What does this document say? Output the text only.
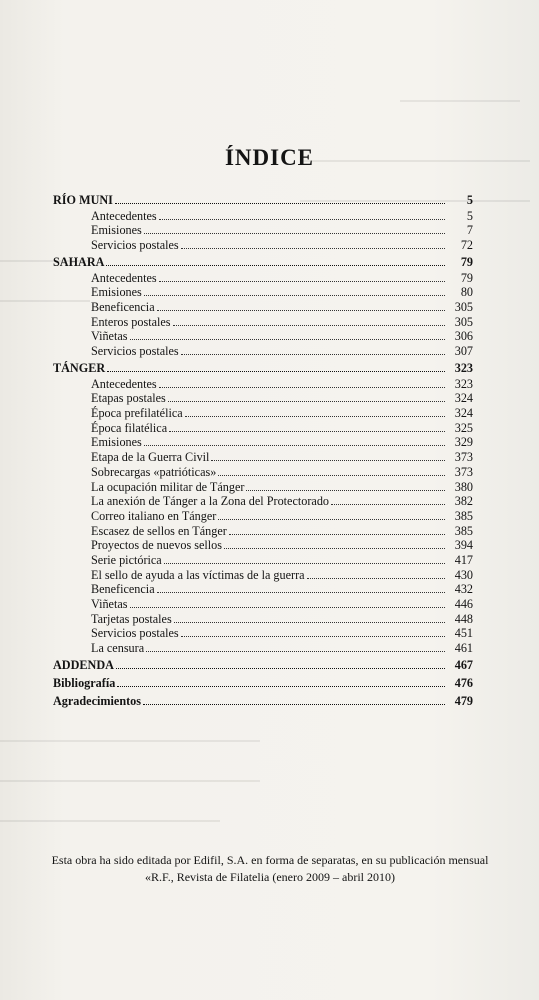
ÍNDICE
RÍO MUNI	5
Antecedentes	5
Emisiones	7
Servicios postales	72
SAHARA	79
Antecedentes	79
Emisiones	80
Beneficencia	305
Enteros postales	305
Viñetas	306
Servicios postales	307
TÁNGER	323
Antecedentes	323
Etapas postales	324
Época prefilatélica	324
Época filatélica	325
Emisiones	329
Etapa de la Guerra Civil	373
Sobrecargas «patrióticas»	373
La ocupación militar de Tánger	380
La anexión de Tánger a la Zona del Protectorado	382
Correo italiano en Tánger	385
Escasez de sellos en Tánger	385
Proyectos de nuevos sellos	394
Serie pictórica	417
El sello de ayuda a las víctimas de la guerra	430
Beneficencia	432
Viñetas	446
Tarjetas postales	448
Servicios postales	451
La censura	461
ADDENDA	467
Bibliografía	476
Agradecimientos	479
Esta obra ha sido editada por Edifil, S.A. en forma de separatas, en su publicación mensual
«R.F., Revista de Filatelia (enero 2009 – abril 2010)
